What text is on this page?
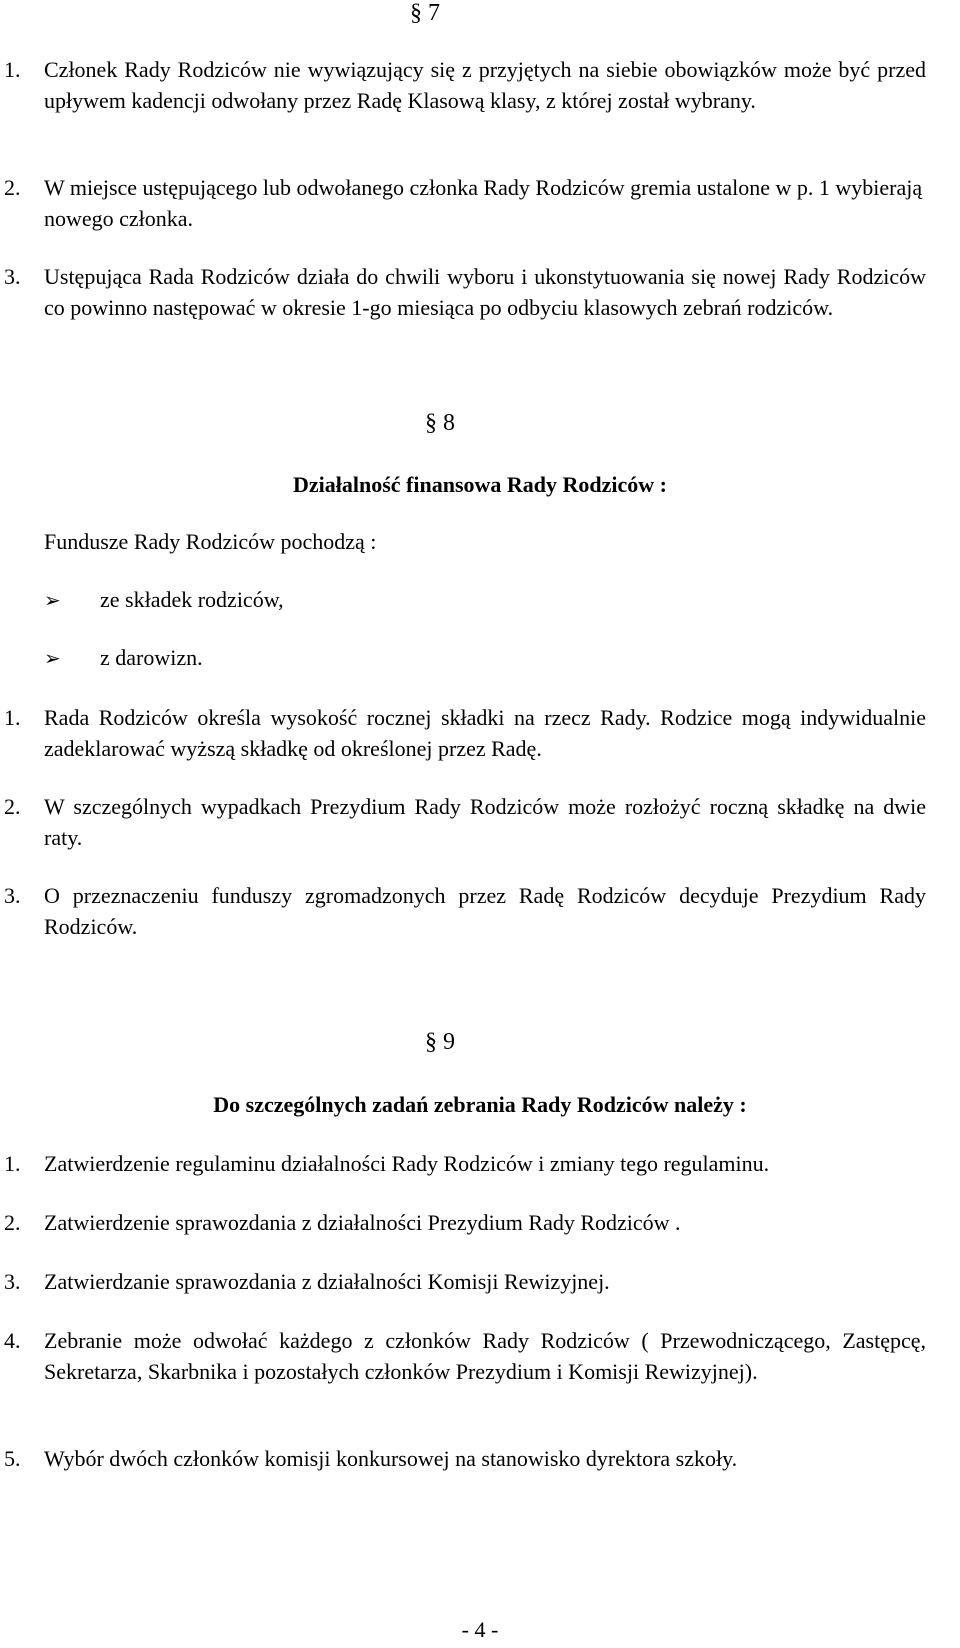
§ 7
1. Członek Rady Rodziców nie wywiązujący się z przyjętych na siebie obowiązków może być przed upływem kadencji odwołany przez Radę Klasową klasy, z której został wybrany.
2. W miejsce ustępującego lub odwołanego członka Rady Rodziców gremia ustalone w p. 1 wybierają nowego członka.
3. Ustępująca Rada Rodziców działa do chwili wyboru i ukonstytuowania się nowej Rady Rodziców co powinno następować w okresie 1-go miesiąca po odbyciu klasowych zebrań rodziców.
§ 8
Działalność finansowa Rady Rodziców :
Fundusze Rady Rodziców pochodzą :
➢ ze składek rodziców,
➢ z darowizn.
1. Rada Rodziców określa wysokość rocznej składki na rzecz Rady. Rodzice mogą indywidualnie zadeklarować wyższą składkę od określonej przez Radę.
2. W szczególnych wypadkach Prezydium Rady Rodziców może rozłożyć roczną składkę na dwie raty.
3. O przeznaczeniu funduszy zgromadzonych przez Radę Rodziców decyduje Prezydium Rady Rodziców.
§ 9
Do szczególnych zadań zebrania Rady Rodziców należy :
1. Zatwierdzenie regulaminu działalności Rady Rodziców i zmiany tego regulaminu.
2. Zatwierdzenie sprawozdania z działalności Prezydium Rady Rodziców .
3. Zatwierdzanie sprawozdania z działalności Komisji Rewizyjnej.
4. Zebranie może odwołać każdego z członków Rady Rodziców ( Przewodniczącego, Zastępcę, Sekretarza, Skarbnika i pozostałych członków Prezydium i Komisji Rewizyjnej).
5. Wybór dwóch członków komisji konkursowej na stanowisko dyrektora szkoły.
- 4 -
